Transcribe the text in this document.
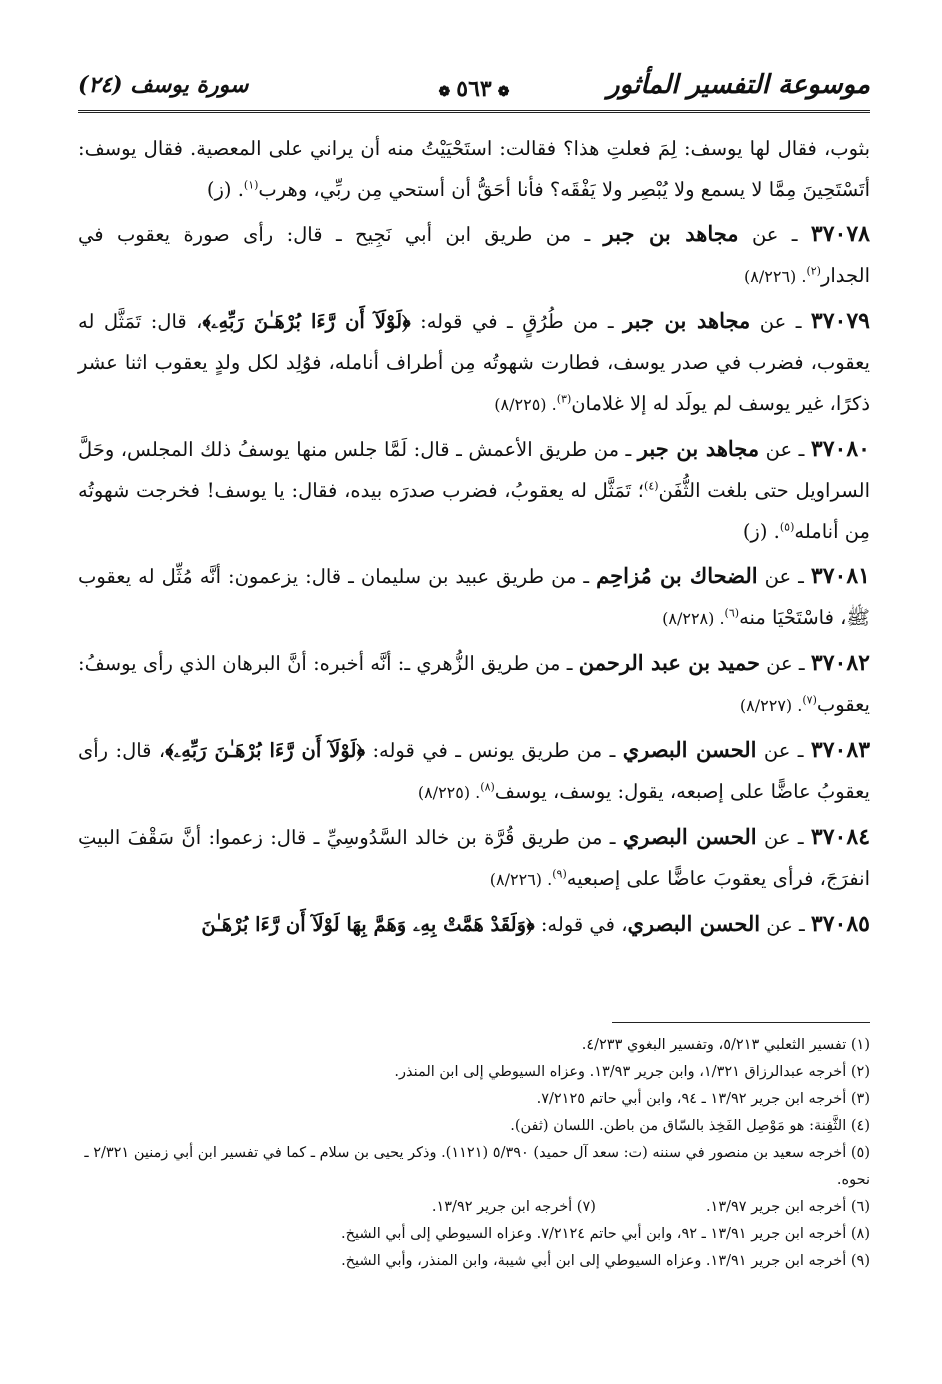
موسوعة التفسير المأثور
❁٥٦٣❁
سورة يوسف (٢٤)

بثوب، فقال لها يوسف: لِمَ فعلتِ هذا؟ فقالت: استَحْيَيْتُ منه أن يراني على المعصية. فقال يوسف: أتَسْتَحِينَ مِمَّا لا يسمع ولا يُبْصِر ولا يَفْقَه؟ فأنا أحَقُّ أن أستحي مِن ربِّي، وهرب$^{(١)}$. (ز)

٣٧٠٧٨ ـ عن مجاهد بن جبر ـ من طريق ابن أبي نَجِيح ـ قال: رأى صورة يعقوب في الجدار$^{(٢)}$. (٨/٢٢٦)

٣٧٠٧٩ ـ عن مجاهد بن جبر ـ من طُرُقٍ ـ في قوله: ﴿لَوْلَآ أَن رَّءَا بُرْهَـٰنَ رَبِّهِۦ﴾، قال: تَمَثَّل له يعقوب، فضرب في صدر يوسف، فطارت شهوتُه مِن أطراف أنامله، فوُلِد لكل ولدٍ يعقوب اثنا عشر ذكرًا، غير يوسف لم يولَد له إلا غلامان$^{(٣)}$. (٨/٢٢٥)

٣٧٠٨٠ ـ عن مجاهد بن جبر ـ من طريق الأعمش ـ قال: لَمَّا جلس منها يوسفُ ذلك المجلس، وحَلَّ السراويل حتى بلغت الثُّفَن$^{(٤)}$؛ تَمَثَّل له يعقوبُ، فضرب صدرَه بيده، فقال: يا يوسف! فخرجت شهوتُه مِن أنامله$^{(٥)}$. (ز)

٣٧٠٨١ ـ عن الضحاك بن مُزاحِم ـ من طريق عبيد بن سليمان ـ قال: يزعمون: أنَّه مُثِّل له يعقوب ﷺ، فاسْتَحْيَا منه$^{(٦)}$. (٨/٢٢٨)

٣٧٠٨٢ ـ عن حميد بن عبد الرحمن ـ من طريق الزُّهري ـ: أنَّه أخبره: أنَّ البرهان الذي رأى يوسفُ: يعقوب$^{(٧)}$. (٨/٢٢٧)

٣٧٠٨٣ ـ عن الحسن البصري ـ من طريق يونس ـ في قوله: ﴿لَوْلَآ أَن رَّءَا بُرْهَـٰنَ رَبِّهِۦ﴾، قال: رأى يعقوبُ عاضًّا على إصبعه، يقول: يوسف، يوسف$^{(٨)}$. (٨/٢٢٥)

٣٧٠٨٤ ـ عن الحسن البصري ـ من طريق قُرَّة بن خالد السَّدُوسِيِّ ـ قال: زعموا: أنَّ سَقْفَ البيتِ انفرَجَ، فرأى يعقوبَ عاضًّا على إصبعيه$^{(٩)}$. (٨/٢٢٦)

٣٧٠٨٥ ـ عن الحسن البصري، في قوله: ﴿وَلَقَدْ هَمَّتْ بِهِۦ وَهَمَّ بِهَا لَوْلَآ أَن رَّءَا بُرْهَـٰنَ

(١) تفسير الثعلبي ٥/٢١٣، وتفسير البغوي ٤/٢٣٣.

(٢) أخرجه عبدالرزاق ١/٣٢١، وابن جرير ١٣/٩٣. وعزاه السيوطي إلى ابن المنذر.

(٣) أخرجه ابن جرير ١٣/٩٢ ـ ٩٤، وابن أبي حاتم ٧/٢١٢٥.

(٤) الثَّفِنة: هو مَوْصِل الفَخِذ بالسّاق من باطن. اللسان (ثفن).

(٥) أخرجه سعيد بن منصور في سننه (ت: سعد آل حميد) ٥/٣٩٠ (١١٢١). وذكر يحيى بن سلام ـ كما في تفسير ابن أبي زمنين ٢/٣٢١ ـ نحوه.

(٦) أخرجه ابن جرير ١٣/٩٧.
(٧) أخرجه ابن جرير ١٣/٩٢.

(٨) أخرجه ابن جرير ١٣/٩١ ـ ٩٢، وابن أبي حاتم ٧/٢١٢٤. وعزاه السيوطي إلى أبي الشيخ.

(٩) أخرجه ابن جرير ١٣/٩١. وعزاه السيوطي إلى ابن أبي شيبة، وابن المنذر، وأبي الشيخ.
